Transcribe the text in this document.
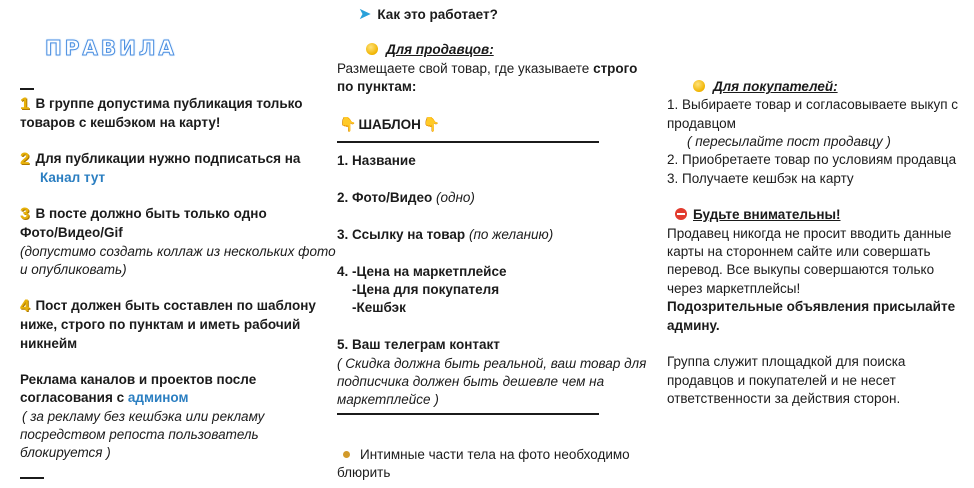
ПРАВИЛА
1 В группе допустима публикация только
товаров с кешбэком на карту!
2 Для публикации нужно подписаться на
Канал тут
3 В посте должно быть только одно
Фото/Видео/Gif
(допустимо создать коллаж из нескольких фото
и опубликовать)
4 Пост должен быть составлен по шаблону
ниже, строго по пунктам и иметь рабочий
никнейм
Реклама каналов и проектов после
согласования с админом
( за рекламу без кешбэка или рекламу
посредством репоста пользователь
блокируется )
➤ Как это работает?
Для продавцов:
Размещаете свой товар, где указываете строго
по пунктам:
👇 ШАБЛОН 👇
1. Название
2. Фото/Видео (одно)
3. Ссылку на товар (по желанию)
4. -Цена на маркетплейсе
-Цена для покупателя
-Кешбэк
5. Ваш телеграм контакт
( Скидка должна быть реальной, ваш товар для
подписчика должен быть дешевле чем на
маркетплейсе )
Интимные части тела на фото необходимо
блюрить
Для покупателей:
1. Выбираете товар и согласовываете выкуп с
продавцом
( пересылайте пост продавцу )
2. Приобретаете товар по условиям продавца
3. Получаете кешбэк на карту
Будьте внимательны!
Продавец никогда не просит вводить данные
карты на стороннем сайте или совершать
перевод. Все выкупы совершаются только
через маркетплейсы!
Подозрительные объявления присылайте
админу.
Группа служит площадкой для поиска
продавцов и покупателей и не несет
ответственности за действия сторон.
